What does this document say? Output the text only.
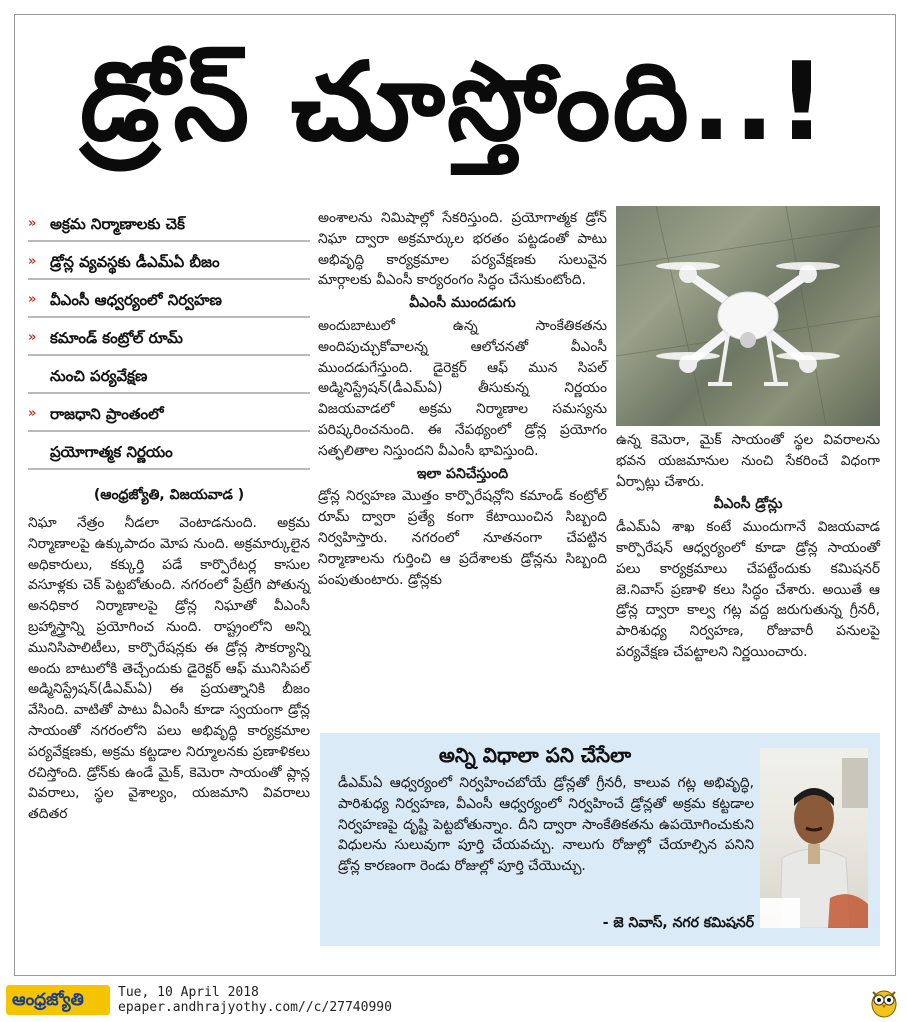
డ్రోన్ చూస్తోంది..!
» అక్రమ నిర్మాణాలకు చెక్
» డ్రోన్ల వ్యవస్థకు డీఎమ్ఏ బీజం
» వీఎంసీ ఆధ్వర్యంలో నిర్వహణ
» కమాండ్ కంట్రోల్ రూమ్
నుంచి పర్యవేక్షణ
» రాజధాని ప్రాంతంలో
ప్రయోగాత్మక నిర్ణయం
(ఆంధ్రజ్యోతి, విజయవాడ )

నిఘా నేత్రం నీడలా వెంటాడనుంది. అక్రమ నిర్మాణాలపై ఉక్కుపాదం మోప నుంది. అక్రమార్కులైన అధికారులు, కక్కుర్తి పడే కార్పొరేటర్ల కాసుల వసూళ్లకు చెక్ పెట్టబోతుంది. నగరంలో ప్రేట్రేగి పోతున్న అనధికార నిర్మాణాలపై డ్రోన్ల నిఘాతో వీఎంసీ బ్రహ్మాస్త్రాన్ని ప్రయోగించ నుంది. రాష్ట్రంలోని అన్ని మునిసిపాలిటీలు, కార్పొరేషన్లకు ఈ డ్రోన్ల సౌకర్యాన్ని అందు బాటులోకి తెచ్చేందుకు డైరెక్టర్ ఆఫ్ మునిసిపల్ అడ్మినిస్ట్రేషన్(డీఎమ్ఏ) ఈ ప్రయత్నానికి బీజం వేసింది. వాటితో పాటు వీఎంసీ కూడా స్వయంగా డ్రోన్ల సాయంతో నగరంలోని పలు అభివృద్ధి కార్యక్రమాల పర్యవేక్షణకు, అక్రమ కట్టడాల నిర్మూలనకు ప్రణాళికలు రచిస్తోంది. డ్రోన్‌కు ఉండే మైక్, కెమెరా సాయంతో ప్లాన్ల వివరాలు, స్థల వైశాల్యం, యజమాని వివరాలు తదితర

అంశాలను నిమిషాల్లో సేకరిస్తుంది. ప్రయోగాత్మక డ్రోన్ నిఘా ద్వారా అక్రమార్కుల భరతం పట్టడంతో పాటు అభివృద్ధి కార్యక్రమాల పర్యవేక్షణకు సులువైన మార్గాలకు వీఎంసీ కార్యరంగం సిద్ధం చేసుకుంటోంది.

వీఎంసీ ముందడుగు

అందుబాటులో ఉన్న సాంకేతికతను అందిపుచ్చుకోవాలన్న ఆలోచనతో వీఎంసీ ముందడుగేస్తుంది. డైరెక్టర్ ఆఫ్ మున సిపల్ అడ్మినిస్ట్రేషన్(డీఎమ్ఏ) తీసుకున్న నిర్ణయం విజయవాడలో అక్రమ నిర్మాణాల సమస్యను పరిష్కరించనుంది. ఈ నేపథ్యంలో డ్రోన్ల ప్రయోగం సత్ఫలితాల నిస్తుందని వీఎంసీ భావిస్తుంది.

ఇలా పనిచేస్తుంది

డ్రోన్ల నిర్వహణ మొత్తం కార్పొరేషన్లోని కమాండ్ కంట్రోల్ రూమ్ ద్వారా ప్రత్యే కంగా కేటాయించిన సిబ్బంది నిర్వహిస్తారు. నగరంలో నూతనంగా చేపట్టిన నిర్మాణాలను గుర్తించి ఆ ప్రదేశాలకు డ్రోన్లను సిబ్బంది పంపుతుంటారు. డ్రోన్లకు

ఉన్న కెమెరా, మైక్ సాయంతో స్థల వివరాలను భవన యజమానుల నుంచి సేకరించే విధంగా ఏర్పాట్లు చేశారు.

వీఎంసీ డ్రోన్లు

డీఎమ్ఏ శాఖ కంటే ముందుగానే విజయవాడ కార్పొరేషన్ ఆధ్వర్యంలో కూడా డ్రోన్ల సాయంతో పలు కార్యక్రమాలు చేపట్టేందుకు కమిషనర్ జె.నివాస్ ప్రణాళి కలు సిద్ధం చేశారు. అయితే ఆ డ్రోన్ల ద్వారా కాల్వ గట్ల వద్ద జరుగుతున్న గ్రీనరీ, పారిశుధ్య నిర్వహణ, రోజువారీ పనులపై పర్యవేక్షణ చేపట్టాలని నిర్ణయించారు.

అన్ని విధాలా పని చేసేలా
డీఎమ్ఏ ఆధ్వర్యంలో నిర్వహించబోయే డ్రోన్లతో గ్రీనరీ, కాలువ గట్ల అభివృద్ధి, పారిశుధ్య నిర్వహణ, వీఎంసీ ఆధ్వర్యంలో నిర్వహించే డ్రోన్లతో అక్రమ కట్టడాల నిర్వహణపై దృష్టి పెట్టబోతున్నాం. దీని ద్వారా సాంకేతికతను ఉపయోగించుకుని విధులను సులువుగా పూర్తి చేయవచ్చు. నాలుగు రోజుల్లో చేయాల్సిన పనిని డ్రోన్ల కారణంగా రెండు రోజుల్లో పూర్తి చేయొచ్చు.
- జె నివాస్, నగర కమిషనర్
ఆంధ్రజ్యోతి	Tue, 10 April 2018
epaper.andhrajyothy.com//c/27740990
